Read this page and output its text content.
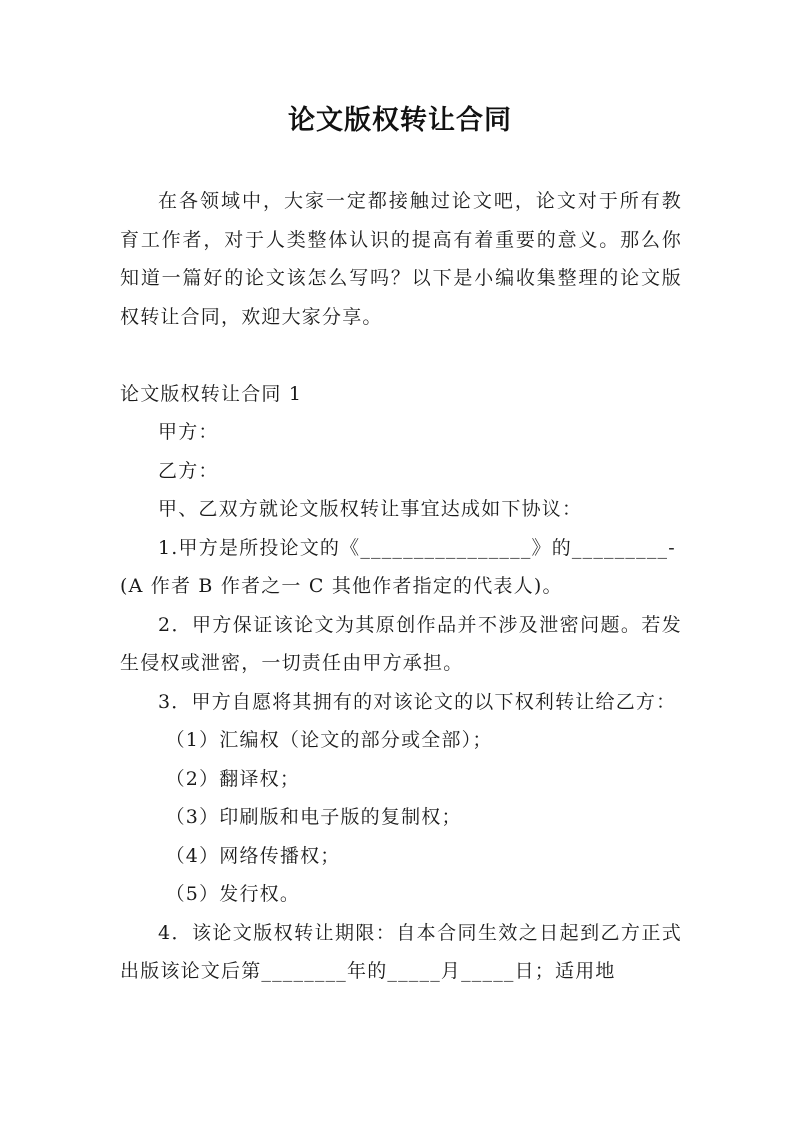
论文版权转让合同

在各领域中，大家一定都接触过论文吧，论文对于所有教育工作者，对于人类整体认识的提高有着重要的意义。那么你知道一篇好的论文该怎么写吗？以下是小编收集整理的论文版权转让合同，欢迎大家分享。

论文版权转让合同 1

甲方：

乙方：

甲、乙双方就论文版权转让事宜达成如下协议：

1.甲方是所投论文的《________________》的_________-

(A 作者 B 作者之一 C 其他作者指定的代表人)。

2．甲方保证该论文为其原创作品并不涉及泄密问题。若发生侵权或泄密，一切责任由甲方承担。

3．甲方自愿将其拥有的对该论文的以下权利转让给乙方：

（1）汇编权（论文的部分或全部）；

（2）翻译权；

（3）印刷版和电子版的复制权；

（4）网络传播权；

（5）发行权。

4．该论文版权转让期限：自本合同生效之日起到乙方正式出版该论文后第________年的_____月_____日；适用地
